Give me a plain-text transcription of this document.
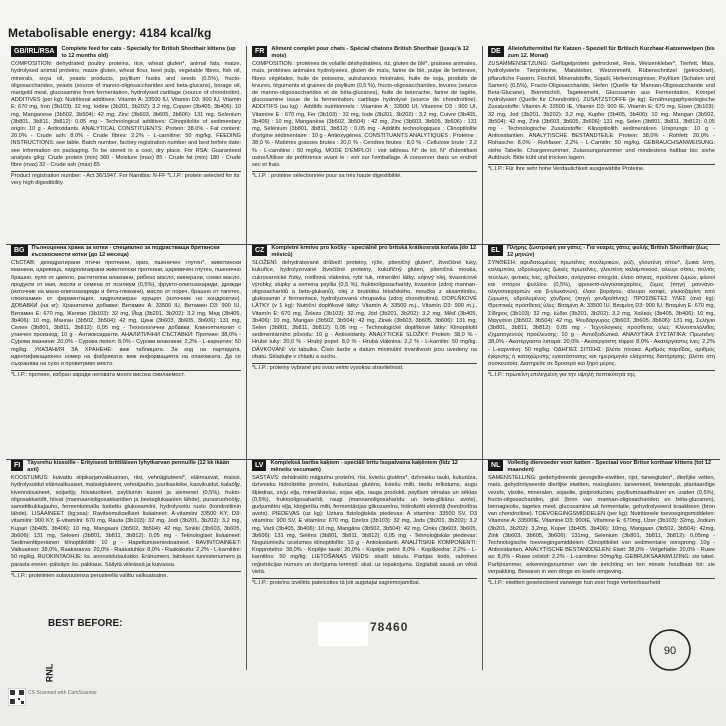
Metabolisable energy: 4184 kcal/kg
GB/IRL/RSA	Complete feed for cats - Specially for British Shorthair kittens (up to 12 months old)
COMPOSITION: dehydrated poultry proteins, rice, wheat gluten*, animal fats, maize, hydrolysed animal proteins, maize gluten, wheat flour, beet pulp, vegetable fibres, fish oil, minerals, soya oil, yeasts products, psyllium husks and seeds (0.5%), fructo-oligosaccharides, yeasts (source of manno-oligosaccharides and beta-glucans), borage oil, marigold meal, glucosamine from fermentation, hydrolysed cartilage (source of chondroitin). ADDITIVES (per kg): Nutritional additives: Vitamin A: 33500 IU, Vitamin D3: 900 IU, Vitamin E: 670 mg, Iron (3b103): 32 mg, Iodine (3b201, 3b202): 3.2 mg, Copper (3b405, 3b406): 10 mg, Manganese (3b502, 3b504): 42 mg, Zinc (3b603, 3b605, 3b606): 131 mg, Selenium (3b801, 3b811, 3b812): 0.05 mg - Technological additives: Clinoptilolite of sedimentary origin: 10 g - Antioxidants. ANALYTICAL CONSTITUENTS: Protein: 38.0% - Fat content: 20.0% - Crude ash: 8.0% - Crude fibres: 2.2% - L-carnitine: 50 mg/kg. FEEDING INSTRUCTIONS: see table. Batch number, factory registration number and best before date: see information on packaging. To be stored in a cool, dry place. For RSA: Guaranteed analysis g/kg: Crude protein (min) 360 - Moisture (max) 85 - Crude fat (min) 180 - Crude fibre (max) 32 - Crude ash (max) 85
Product registration number: - Act 36/1947. For Namibia: N-FF *L.I.P.: protein selected for its very high digestibility.
FR	Aliment complet pour chats - Spécial chatons British Shorthair (jusqu'à 12 mois)
COMPOSITION : protéines de volaille déshydratées, riz, gluten de blé*, graisses animales, maïs, protéines animales hydrolysées, gluten de maïs, farine de blé, pulpe de betterave, fibres végétales, huile de poissons, substances minérales, huile de soja, produits de levures, téguments et graines de psyllium (0,5 %), fructo-oligosaccharides, levures (source de manno-oligosaccharides et de bêta-glucanes), huile de bourrache, farine de tagète, glucosamine issue de la fermentation, cartilage hydrolysé (source de chondroïtine). ADDITIFS (au kg) : Additifs nutritionnels : Vitamine A : 33500 UI, Vitamine D3 : 900 UI, Vitamine E : 670 mg, Fer (3b103) : 32 mg, Iode (3b201, 3b202) : 3,2 mg, Cuivre (3b405, 3b406) : 10 mg, Manganèse (3b502, 3b504) : 42 mg, Zinc (3b603, 3b605, 3b606) : 131 mg, Sélénium (3b801, 3b811, 3b812) : 0,05 mg - Additifs technologiques : Clinoptilolite d'origine sédimentaire : 10 g - Antioxygènes. CONSTITUANTS ANALYTIQUES : Protéine : 38,0 % - Matières grasses brutes : 20,0 % - Cendres brutes : 8,0 % - Cellulose brute : 2,2 % - L-carnitine : 50 mg/kg. MODE D'EMPLOI : voir tableau. N° de lot, N° d'identifiant usine/Utiliser de préférence avant le : voir sur l'emballage. À conserver dans un endroit sec et frais.
*L.I.P. : protéine sélectionnée pour sa très haute digestibilité.
DE	Alleinfuttermittel für Katzen - Speziell für Britisch Kurzhaar-Katzenwelpen (bis zum 12. Monat)
ZUSAMMENSETZUNG: Geflügelprotein getrocknet, Reis, Weizenkleber*, Tierfett, Mais, hydrolysierte Tierproteine, Maiskleber, Weizenmehl, Rübenschnitzel (getrocknet), pflanzliche Fasern, Fischöl, Mineralstoffe, Sojaöl, Hefeerzeugnisse, Psyllium (Schalen und Samen) (0,5%), Fructo-Oligosaccharide, Hefen (Quelle für Mannan-Oligosaccharide und Beta-Glucane), Borretschöl, Tagetesmehl, Glucosamin aus Fermentation, Knorpel hydrolysiert (Quelle für Chondroitin). ZUSATZSTOFFE (je kg): Ernährungsphysiologische Zusatzstoffe: Vitamin A: 33500 IE, Vitamin D3: 900 IE, Vitamin E: 670 mg, Eisen (3b103): 32 mg, Jod (3b201, 3b202): 3,2 mg, Kupfer (3b405, 3b406): 10 mg, Mangan (3b502, 3b504): 42 mg, Zink (3b603, 3b605, 3b606): 131 mg, Selen (3b801, 3b811, 3b812): 0,05 mg - Technologische Zusatzstoffe: Klinoptilolith sedimentären Ursprungs: 10 g - Antioxidantien. ANALYTISCHE BESTANDTEILE: Protein: 38,0% - Rohfett: 20,0% - Rohasche: 8,0% - Rohfaser: 2,2% - L-Carnitin: 50 mg/kg. GEBRAUCHSANWEISUNG: siehe Tabelle. Chargennummer, Zulassungsnummer und mindestens haltbar bis: siehe Aufdruck. Bitte kühl und trocken lagern.
*L.I.P.: Für ihre sehr hohe Verdaulichkeit ausgewählte Proteine.
BG	Пълноценна храна за котки - специално за подрастващи британски късокосмести котки (до 12 месеца)
СЪСТАВ: дехидратирани птичи протеини, ориз, пшеничен глутен*, животински мазнини, царевица, хидролизирани животински протеини, царевичен глутен, пшенично брашно, пулп от цвекло, растителни влакнини, рибено масло, минерали, соево масло, продукти от мая, люспи и семена от псилиум (0,5%), фрукто-олигозахариди, дрожди (източник на мано-олигозахариди и бета-глюкани), масло от пореч, брашно от тагетес, глюкозамин от ферментация, хидролизиран хрущял (източник на хондроитин). ДОБАВКИ (на кг): Хранителни добавки: Витамин А: 33500 IU, Витамин D3: 900 IU, Витамин Е: 670 mg, Желязо (3b103): 32 mg, Йод (3b201, 3b202): 3,2 mg, Мед (3b405, 3b406): 10 mg, Манган (3b502, 3b504): 42 mg, Цинк (3b603, 3b605, 3b606): 131 mg, Селен (3b801, 3b811, 3b812): 0,05 mg - Технологични добавки: Клиноптилолит с утаечен произход: 10 g - Антиоксиданти. АНАЛИТИЧНИ СЪСТАВКИ: Протеин: 38,0% - Сурови мазнини: 20,0% - Сурова пепел: 8,0% - Сурови влакнини: 2,2% - L-карнитин: 50 mg/kg. УКАЗАНИЯ ЗА ХРАНЕНЕ: виж таблицата. За код на партидата, идентификационен номер на фабриката: виж информацията на опаковката. Да се съхранява на сухо и проветриво място.
*L.I.P.: протеин, избран заради неговата много висока смилаемост.
CZ	Kompletní krmivo pro kočky - speciálně pro britská krátkosrstá koťata (do 12 měsíců)
SLOŽENÍ: dehydratované drůbeží proteiny, rýže, pšeničný gluten*, živočišné tuky, kukuřice, hydrolyzované živočišné proteiny, kukuřičný gluten, pšeničná mouka, cukrovarnické řízky, rostlinná vláknina, rybí tuk, minerální látky, sójový olej, kvasnicové výrobky, slupky a semena psyllia (0,5 %), fruktooligosacharidy, kvasnice (zdroj mannan-oligosacharidů a beta-glukanů), olej z brutnáku lékařského, moučka z aksamitníku, glukosamin z fermentace, hydrolyzovaná chrupavka (zdroj chondroitinu). DOPLŇKOVÉ LÁTKY (v 1 kg): Nutriční doplňkové látky: Vitamín A: 33500 m.j., Vitamín D3: 900 m.j., Vitamín E: 670 mg, Železo (3b103): 32 mg, Jód (3b201, 3b202): 3,2 mg, Měď (3b405, 3b406): 10 mg, Mangan (3b502, 3b504): 42 mg, Zinek (3b603, 3b605, 3b606): 131 mg, Selen (3b801, 3b811, 3b812): 0,05 mg - Technologické doplňkové látky: Klinoptilolit sedimentárního původu: 10 g - Antioxidanty. ANALYTICKÉ SLOŽKY: Protein: 38,0 % - Hrubé tuky: 20,0 % - Hrubý popel: 8,0 % - Hrubá vláknina: 2,2 % - L-karnitin: 50 mg/kg. DÁVKOVÁNÍ: viz tabulka. Číslo šarže a datum minimální trvanlivosti jsou uvedeny na obalu. Skladujte v chladu a suchu.
*L.I.P.: proteiny vybrané pro svou velmi vysokou stravitelnost.
EL	Πλήρης ζωοτροφή για γάτες - Για νεαρές γάτες φυλής British Shorthair (έως 12 μηνών)
ΣΥΝΘΕΣΗ: αφυδατωμένες πρωτεΐνες πουλερικών, ρύζι, γλουτένη σίτου*, ζωικά λίπη, καλαμπόκι, υδρολυμένες ζωικές πρωτεΐνες, γλουτένη καλαμποκιού, αλεύρι σίτου, πολτός τεύτλων, φυτικές ίνες, ιχθυέλαιο, ανόργανα στοιχεία, έλαιο σόγιας, προϊόντα ζυμών, φλοιοί και σπόροι ψυλλίου (0,5%), φρουκτο-ολιγοσακχαρίτες, ζύμες (πηγή μαννάνο-ολιγοσακχαριτών και β-γλυκανών), έλαιο βοράγου, άλευρο κατιφέ, γλυκοζαμίνη από ζύμωση, υδρολυμένος χόνδρος (πηγή χονδροϊτίνης). ΠΡΟΣΘΕΤΕΣ ΥΛΕΣ (ανά kg): Θρεπτικές πρόσθετες ύλες: Βιταμίνη A: 33500 IU, Βιταμίνη D3: 900 IU, Βιταμίνη E: 670 mg, Σίδηρος (3b103): 32 mg, Ιώδιο (3b201, 3b202): 3,2 mg, Χαλκός (3b405, 3b406): 10 mg, Μαγγάνιο (3b502, 3b504): 42 mg, Ψευδάργυρος (3b603, 3b605, 3b606): 131 mg, Σελήνιο (3b801, 3b811, 3b812): 0,05 mg - Τεχνολογικές πρόσθετες ύλες: Κλινοπτιλόλιθος ιζηματογενούς προέλευσης: 10 g - Αντιοξειδωτικά. ΑΝΑΛΥΤΙΚΑ ΣΥΣΤΑΤΙΚΑ: Πρωτεΐνη: 38,0% - Ακατέργαστα λιπαρά: 20,0% - Ακατέργαστη τέφρα: 8,0% - Ακατέργαστες ίνες: 2,2% - L-καρνιτίνη: 50 mg/kg. ΟΔΗΓΙΕΣ ΣΙΤΙΣΗΣ: βλέπε πίνακα. Αριθμός παρτίδας, αριθμός έγκρισης ή καταχώρισης εγκατάστασης και ημερομηνία ελάχιστης διατήρησης: βλέπε στη συσκευασία. Διατηρείτε σε δροσερό και ξηρό μέρος.
*L.I.P.: πρωτεΐνη επιλεγμένη για την υψηλή πεπτικότητά της.
FI	Täysrehu kissoille - Erityisesti brittiläisen lyhytkarvan pennuille (12 kk ikään asti)
KOOSTUMUS: kuivattu siipikarjanvalkuainen, riisi, vehnägluteeni*, eläinrasvat, maissi, hydrolysoidut eläinvalkuaiset, maissigluteeni, vehnäjauho, juurikasleike, kasvikuidut, kalaöljy, kivennäisaineet, soijaöljy, hiivatuotteet, psylliumin kuoret ja siemenet (0,5%), frukto-oligosakkaridit, hiivat (mannaanioligosakkaridien ja beetaglukaanien lähde), purasruohoöljy, samettikukkajauho, fermentoimalla tuotettu glukosamiini, hydrolysoitu rusto (kondroitiinin lähde). LISÄAINEET (kg:ssa): Ravitsemukselliset lisäaineet: A-vitamiini 33500 KY, D3-vitamiini: 900 KY, E-vitamiini: 670 mg, Rauta (3b103): 32 mg, Jodi (3b201, 3b202): 3,2 mg, Kupari (3b405, 3b406): 10 mg, Mangaani (3b502, 3b504): 42 mg, Sinkki (3b603, 3b605, 3b606): 131 mg, Seleeni (3b801, 3b811, 3b812): 0,05 mg - Teknologiset lisäaineet: Sedimenttiperäinen klinoptiloliitti: 10 g - Hapettumisenestoaineet. RAVINTOAINEET: Valkuainen: 38,0%, Raakarasva: 20,0% - Raakatuhka: 8,0% - Raakakuitu: 2,2% - L-karnitiini: 50 mg/kg. RUOKINTAOHJE: ks. annostelutaulukko. Eränumero, laitoksen tunnistenumero ja parasta ennen -päiväys: ks. pakkaus. Säilytä viileässä ja kuivassa.
*L.I.P.: proteiinien sulavuutensa perusteella valittu valkuaisaine.
LV	Kompleksā barība kaķiem - speciāli britu īsspalvaina kaķēniem (līdz 12 mēnešu vecumam)
SASTĀVS: dehidratēti mājputnu proteīni, rīsi, kviešu glutēns*, dzīvnieku tauki, kukurūza, dzīvnieku hidrolizētie proteīni, kukurūzas glutēns, kviešu milti, biešu mīkstums, augu šķiedras, zivju eļļa, minerālvielas, sojas eļļa, rauga produkti, psyllium sēnalas un sēklas (0,5%), fruktooligosaharīdi, raugi (mannanoligosaharīdu un beta-glikānu avots), gurķumētru eļļa, kliņģerīšu milti, fermentācijas glikozamīns, hidrolizēti skrimšļi (hondroitīna avots). PIEDEVAS (uz kg): Uztura fizioloģiskās piedevas: A vitamīns: 33500 SV, D3 vitamīns: 900 SV, E vitamīns: 670 mg, Dzelzs (3b103): 32 mg, Jods (3b201, 3b202): 3,2 mg, Varš (3b405, 3b406): 10 mg, Mangāns (3b502, 3b504): 42 mg, Cinks (3b603, 3b605, 3b606): 131 mg, Selēns (3b801, 3b811, 3b812): 0,05 mg - Tehnoloģiskās piedevas: Nogulumiežu izcelsmes klinoptilolīts: 10 g - Antioksidanti. ANALĪTISKIE KOMPONENTI: Kopproteīns: 38,0% - Kopējie tauki: 20,0% - Kopējie pelni: 8,0% - Kopšķiedra: 2,2% - L-karnitīns: 50 mg/kg. LIETOŠANAS VEIDS: skatīt tabulu. Partijas kods, ražotnes reģistrācijas numurs un derīguma termiņš: skat. uz iepakojuma. Uzglabāt sausā un vēsā vietā.
*L.I.P.: proteīns izvēlēts pateicoties tā ļoti augstajai sagremojamībai.
NL	Volledig diervoeder voor katten - Speciaal voor Britse korthaar kittens (tot 12 maanden)
SAMENSTELLING: gedehydreerde gevogelte-eiwitten, rijst, tarwegluten*, dierlijke vetten, maïs, gehydrolyseerde dierlijke eiwitten, maïsgluten, tarwemeel, bietenpulp, plantaardige vezels, visolie, mineralen, sojaolie, gistproducten, psylliumzaadhulzen en -zaden (0,5%), fructo-oligosachariden, gist (bron van mannan-oligosachariden en bèta-glucanen), bernagieolie, tagetes meel, glucosamine uit fermentatie, gehydrolyseerd kraakbeen (bron van chondroïtine). TOEVOEGINGSMIDDELEN (per kg): Nutritionele toevoegingsmiddelen: Vitamine A: 33500IE, Vitamine D3: 900IE, Vitamine E: 670mg, IJzer (3b103): 32mg, Jodium (3b201, 3b202): 3,2mg, Koper (3b405, 3b406): 10mg, Mangaan (3b502, 3b504): 42mg, Zink (3b603, 3b605, 3b606): 131mg, Selenium (3b801, 3b811, 3b812): 0,05mg - Technologische toevoegingsmiddelen: Clinoptiloliet van sedimentaire oorsprong: 10g - Antioxidanten. ANALYTISCHE BESTANDDELEN: Eiwit: 38,0% - Vetgehalte: 20,0% - Ruwe as: 8,0% - Ruwe celstof: 2,2% - L-carnitine: 50mg/kg. GEBRUIKSAANWIJZING: zie tabel. Partijnummer, erkenningsnummer van de inrichting en ten minste houdbaar tot: zie verpakking. Bewaren in een droge en koele omgeving.
*L.I.P.: eiwitten geselecteerd vanwege hun zeer hoge verteerbaarheid
BEST BEFORE:
RNL
78460
90
CS Scanned with CamScanner
